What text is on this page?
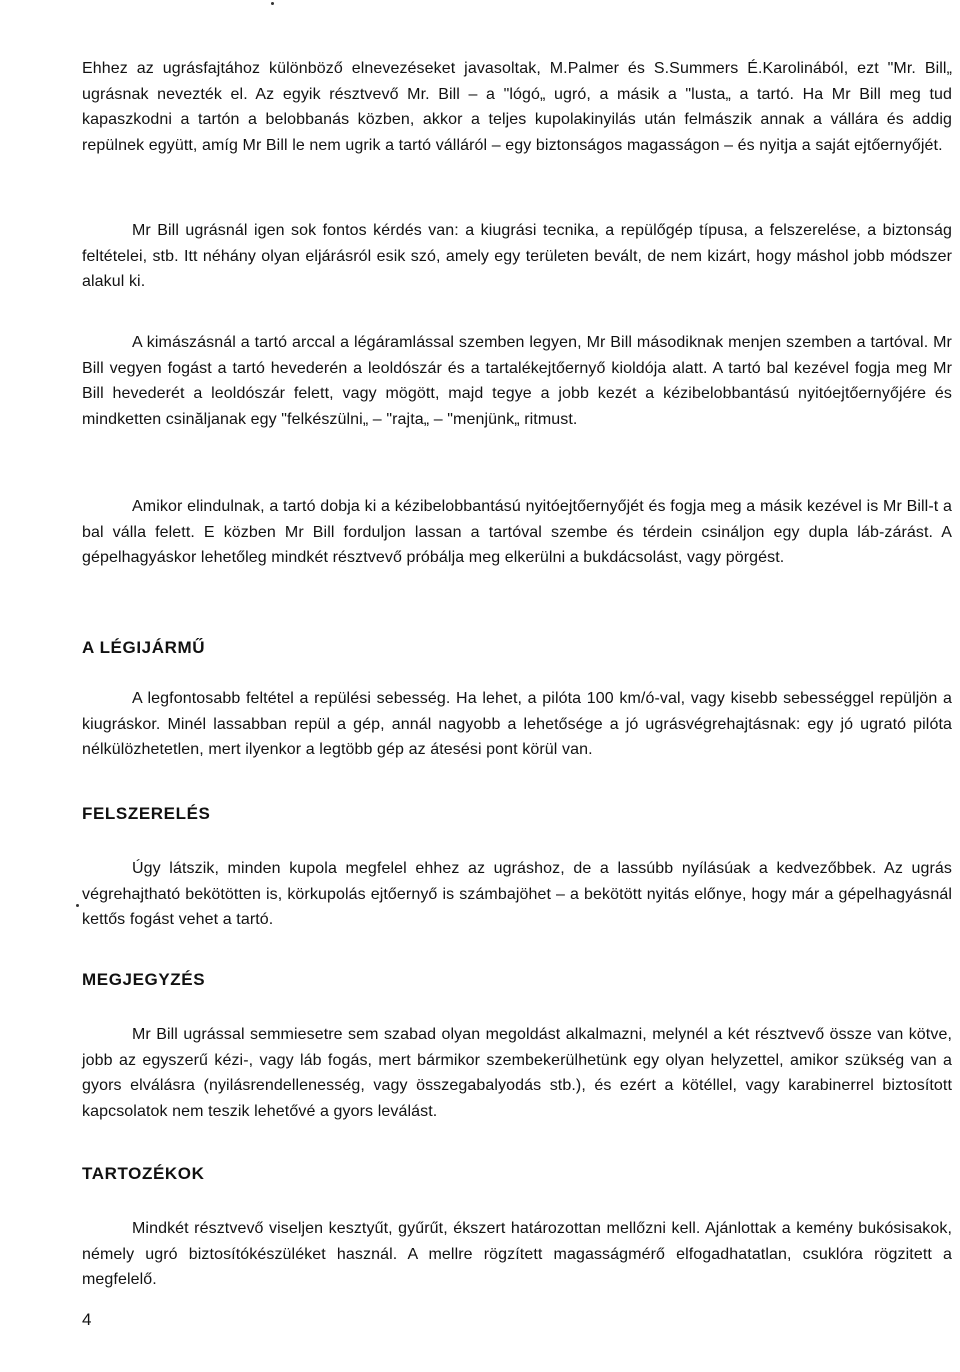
Ehhez az ugrásfajtához különböző elnevezéseket javasoltak, M.Palmer és S.Summers É.Karolinából, ezt "Mr. Bill„ ugrásnak nevezték el. Az egyik résztvevő Mr. Bill – a "lógó„ ugró, a másik a "lusta„ a tartó. Ha Mr Bill meg tud kapaszkodni a tartón a belobbanás közben, akkor a teljes kupolakinyilás után felmászik annak a vállára és addig repülnek együtt, amíg Mr Bill le nem ugrik a tartó válláról – egy biztonságos magasságon – és nyitja a saját ejtőernyőjét.

Mr Bill ugrásnál igen sok fontos kérdés van: a kiugrási tecnika, a repülőgép típusa, a felszerelése, a biztonság feltételei, stb. Itt néhány olyan eljárásról esik szó, amely egy területen bevált, de nem kizárt, hogy máshol jobb módszer alakul ki.

A kimászásnál a tartó arccal a légáramlással szemben legyen, Mr Bill másodiknak menjen szemben a tartóval. Mr Bill vegyen fogást a tartó hevederén a leoldószár és a tartalékejtőernyő kioldója alatt. A tartó bal kezével fogja meg Mr Bill hevederét a leoldószár felett, vagy mögött, majd tegye a jobb kezét a kézibelobbantású nyitóejtőernyőjére és mindketten csinăljanak egy "felkészülni„ – "rajta„ – "menjünk„ ritmust.

Amikor elindulnak, a tartó dobja ki a kézibelobbantású nyitóejtőernyőjét és fogja meg a másik kezével is Mr Bill-t a bal válla felett. E közben Mr Bill forduljon lassan a tartóval szembe és térdein csináljon egy dupla láb-zárást. A gépelhagyáskor lehetőleg mindkét résztvevő próbálja meg elkerülni a bukdácsolást, vagy pörgést.

A LÉGIJÁRMŰ

A legfontosabb feltétel a repülési sebesség. Ha lehet, a pilóta 100 km/ó-val, vagy kisebb sebességgel repüljön a kiugráskor. Minél lassabban repül a gép, annál nagyobb a lehetősége a jó ugrásvégrehajtásnak: egy jó ugrató pilóta nélkülözhetetlen, mert ilyenkor a legtöbb gép az átesési pont körül van.

FELSZERELÉS

Úgy látszik, minden kupola megfelel ehhez az ugráshoz, de a lassúbb nyílásúak a kedvezőbbek. Az ugrás végrehajtható bekötötten is, körkupolás ejtőernyő is számbajöhet – a bekötött nyitás előnye, hogy már a gépelhagyásnál kettős fogást vehet a tartó.

MEGJEGYZÉS

Mr Bill ugrással semmiesetre sem szabad olyan megoldást alkalmazni, melynél a két résztvevő össze van kötve, jobb az egyszerű kézi-, vagy láb fogás, mert bármikor szembekerülhetünk egy olyan helyzettel, amikor szükség van a gyors elválásra (nyilásrendellenesség, vagy összegabalyodás stb.), és ezért a kötéllel, vagy karabinerrel biztosított kapcsolatok nem teszik lehetővé a gyors leválást.

TARTOZÉKOK

Mindkét résztvevő viseljen kesztyűt, gyűrűt, ékszert határozottan mellőzni kell. Ajánlottak a kemény bukósisakok, némely ugró biztosítókészüléket használ. A mellre rögzített magasságmérő elfogadhatatlan, csuklóra rögzitett a megfelelő.

4
